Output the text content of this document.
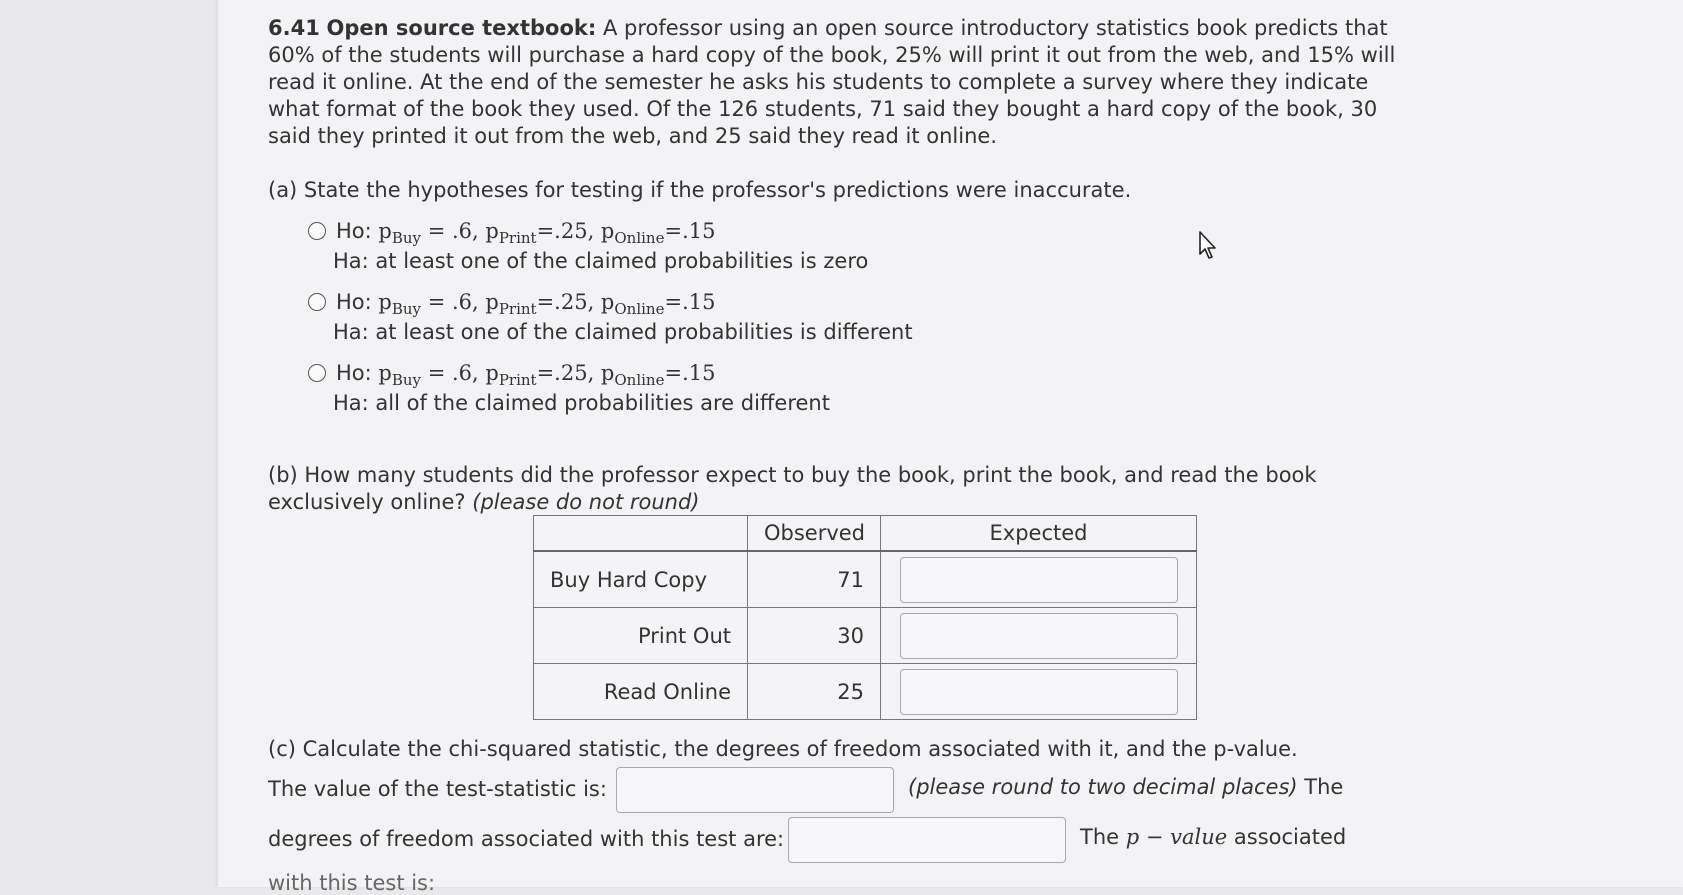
6.41 Open source textbook: A professor using an open source introductory statistics book predicts that
60% of the students will purchase a hard copy of the book, 25% will print it out from the web, and 15% will
read it online. At the end of the semester he asks his students to complete a survey where they indicate
what format of the book they used. Of the 126 students, 71 said they bought a hard copy of the book, 30
said they printed it out from the web, and 25 said they read it online.

(a) State the hypotheses for testing if the professor's predictions were inaccurate.
Ho: $p_{Buy} = .6$, $p_{Print}=.25$, $p_{Online}=.15$
Ha: at least one of the claimed probabilities is zero
Ho: $p_{Buy} = .6$, $p_{Print}=.25$, $p_{Online}=.15$
Ha: at least one of the claimed probabilities is different
Ho: $p_{Buy} = .6$, $p_{Print}=.25$, $p_{Online}=.15$
Ha: all of the claimed probabilities are different
(b) How many students did the professor expect to buy the book, print the book, and read the book
exclusively online? (please do not round)
	Observed	Expected
Buy Hard Copy	71	
Print Out	30	
Read Online	25	
(c) Calculate the chi-squared statistic, the degrees of freedom associated with it, and the p-value.
The value of the test-statistic is:	(please round to two decimal places) The
degrees of freedom associated with this test are:	The p − value associated
with this test is:
